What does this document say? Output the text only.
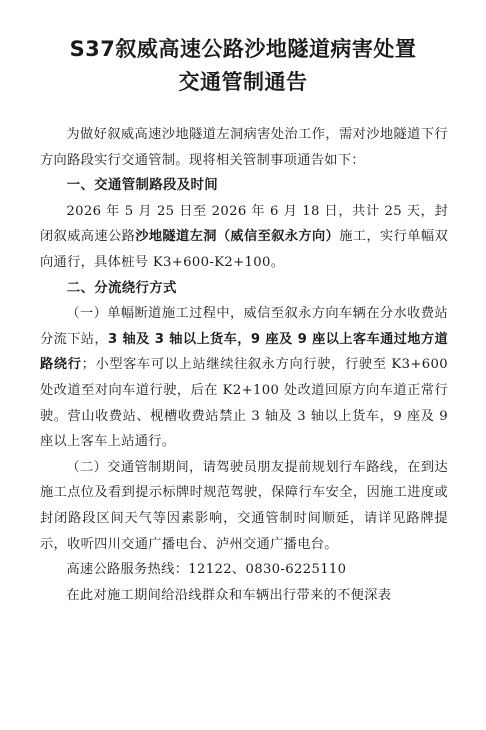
S37叙威高速公路沙地隧道病害处置
交通管制通告

为做好叙威高速沙地隧道左洞病害处治工作，需对沙地隧道下行方向路段实行交通管制。现将相关管制事项通告如下：

一、交通管制路段及时间

2026 年 5 月 25 日至 2026 年 6 月 18 日，共计 25 天，封闭叙威高速公路沙地隧道左洞（威信至叙永方向）施工，实行单幅双向通行，具体桩号 K3+600-K2+100。

二、分流绕行方式

（一）单幅断道施工过程中，威信至叙永方向车辆在分水收费站分流下站，3 轴及 3 轴以上货车，9 座及 9 座以上客车通过地方道路绕行；小型客车可以上站继续往叙永方向行驶，行驶至 K3+600 处改道至对向车道行驶，后在 K2+100 处改道回原方向车道正常行驶。营山收费站、枧槽收费站禁止 3 轴及 3 轴以上货车，9 座及 9 座以上客车上站通行。

（二）交通管制期间，请驾驶员朋友提前规划行车路线，在到达施工点位及看到提示标牌时规范驾驶，保障行车安全，因施工进度或封闭路段区间天气等因素影响，交通管制时间顺延，请详见路牌提示，收听四川交通广播电台、泸州交通广播电台。

高速公路服务热线：12122、0830-6225110

在此对施工期间给沿线群众和车辆出行带来的不便深表
